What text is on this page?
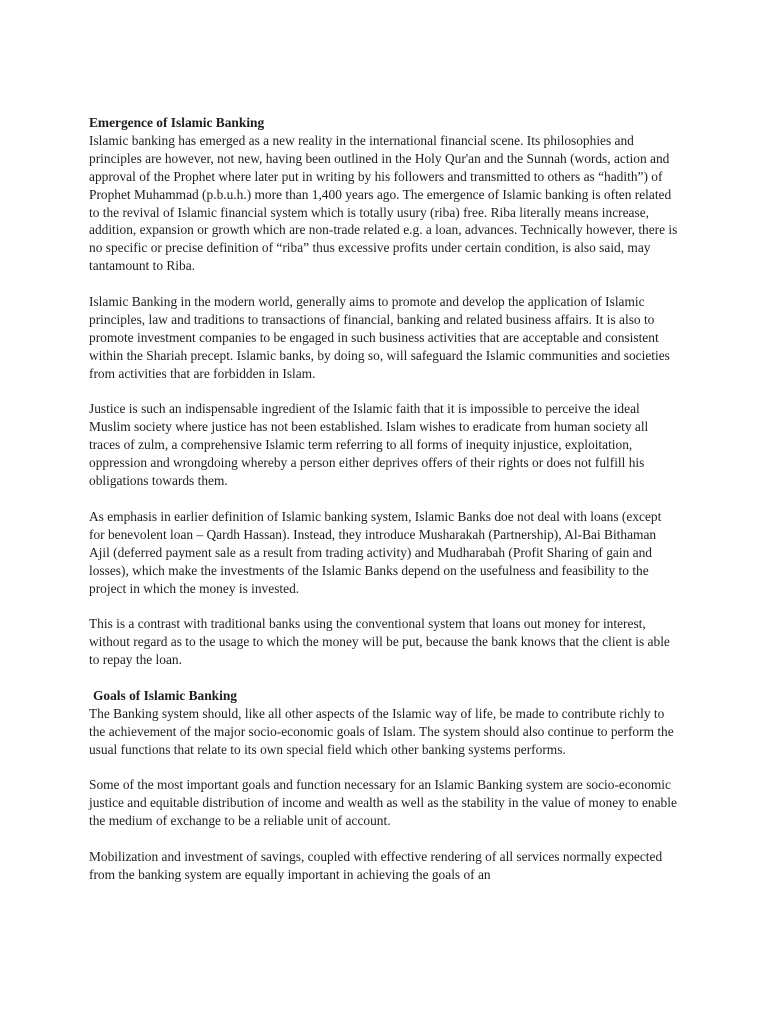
Emergence of Islamic Banking
Islamic banking has emerged as a new reality in the international financial scene. Its philosophies and principles are however, not new, having been outlined in the Holy Qur'an and the Sunnah (words, action and approval of the Prophet where later put in writing by his followers and transmitted to others as “hadith”) of Prophet Muhammad (p.b.u.h.) more than 1,400 years ago. The emergence of Islamic banking is often related to the revival of Islamic financial system which is totally usury (riba) free. Riba literally means increase, addition, expansion or growth which are non-trade related e.g. a loan, advances. Technically however, there is no specific or precise definition of “riba” thus excessive profits under certain condition, is also said, may tantamount to Riba.
Islamic Banking in the modern world, generally aims to promote and develop the application of Islamic principles, law and traditions to transactions of financial, banking and related business affairs. It is also to promote investment companies to be engaged in such business activities that are acceptable and consistent within the Shariah precept. Islamic banks, by doing so, will safeguard the Islamic communities and societies from activities that are forbidden in Islam.
Justice is such an indispensable ingredient of the Islamic faith that it is impossible to perceive the ideal Muslim society where justice has not been established. Islam wishes to eradicate from human society all traces of zulm, a comprehensive Islamic term referring to all forms of inequity injustice, exploitation, oppression and wrongdoing whereby a person either deprives offers of their rights or does not fulfill his obligations towards them.
As emphasis in earlier definition of Islamic banking system, Islamic Banks doe not deal with loans (except for benevolent loan – Qardh Hassan). Instead, they introduce Musharakah (Partnership), Al-Bai Bithaman Ajil (deferred payment sale as a result from trading activity) and Mudharabah (Profit Sharing of gain and losses), which make the investments of the Islamic Banks depend on the usefulness and feasibility to the project in which the money is invested.
This is a contrast with traditional banks using the conventional system that loans out money for interest, without regard as to the usage to which the money will be put, because the bank knows that the client is able to repay the loan.
Goals of Islamic Banking
The Banking system should, like all other aspects of the Islamic way of life, be made to contribute richly to the achievement of the major socio-economic goals of Islam. The system should also continue to perform the usual functions that relate to its own special field which other banking systems performs.
Some of the most important goals and function necessary for an Islamic Banking system are socio-economic justice and equitable distribution of income and wealth as well as the stability in the value of money to enable the medium of exchange to be a reliable unit of account.
Mobilization and investment of savings, coupled with effective rendering of all services normally expected from the banking system are equally important in achieving the goals of an
